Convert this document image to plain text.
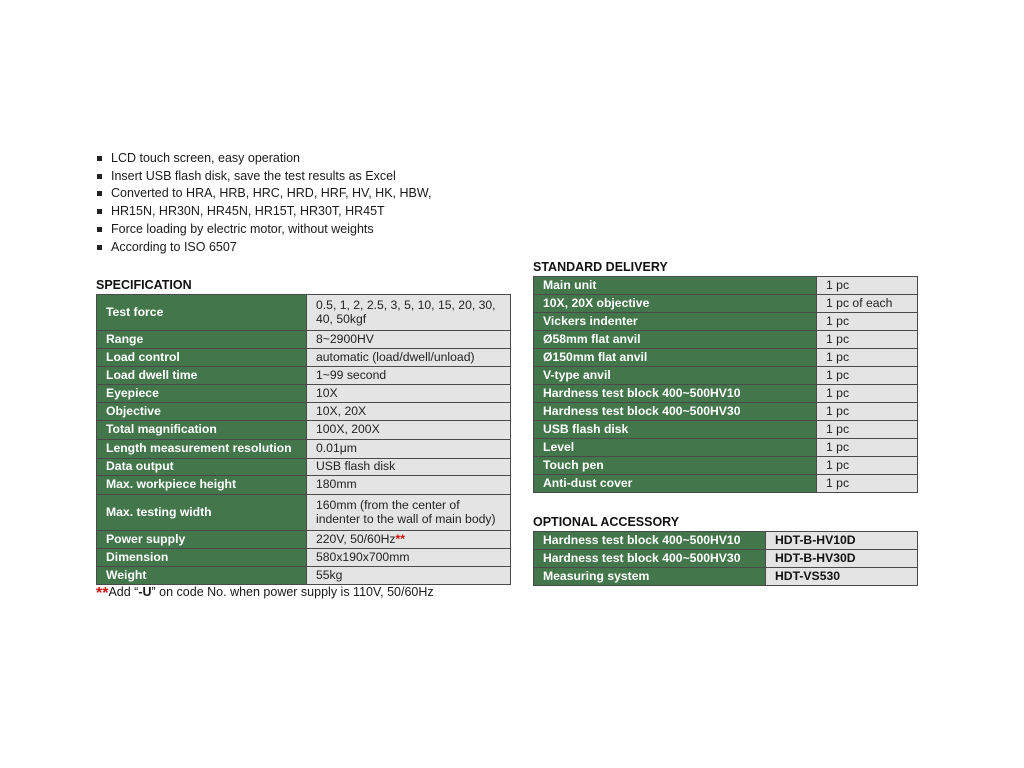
LCD touch screen, easy operation
Insert USB flash disk, save the test results as Excel
Converted to HRA, HRB, HRC, HRD, HRF, HV, HK, HBW,
HR15N, HR30N, HR45N, HR15T, HR30T, HR45T
Force loading by electric motor, without weights
According to ISO 6507
SPECIFICATION
Test force	0.5, 1, 2, 2.5, 3, 5, 10, 15, 20, 30, 40, 50kgf
Range	8~2900HV
Load control	automatic (load/dwell/unload)
Load dwell time	1~99 second
Eyepiece	10X
Objective	10X, 20X
Total magnification	100X, 200X
Length measurement resolution	0.01μm
Data output	USB flash disk
Max. workpiece height	180mm
Max. testing width	160mm (from the center of indenter to the wall of main body)
Power supply	220V, 50/60Hz**
Dimension	580x190x700mm
Weight	55kg
**Add “-U” on code No. when power supply is 110V, 50/60Hz
STANDARD DELIVERY
Main unit	1 pc
10X, 20X objective	1 pc of each
Vickers indenter	1 pc
Ø58mm flat anvil	1 pc
Ø150mm flat anvil	1 pc
V-type anvil	1 pc
Hardness test block 400~500HV10	1 pc
Hardness test block 400~500HV30	1 pc
USB flash disk	1 pc
Level	1 pc
Touch pen	1 pc
Anti-dust cover	1 pc
OPTIONAL ACCESSORY
Hardness test block 400~500HV10	HDT-B-HV10D
Hardness test block 400~500HV30	HDT-B-HV30D
Measuring system	HDT-VS530
